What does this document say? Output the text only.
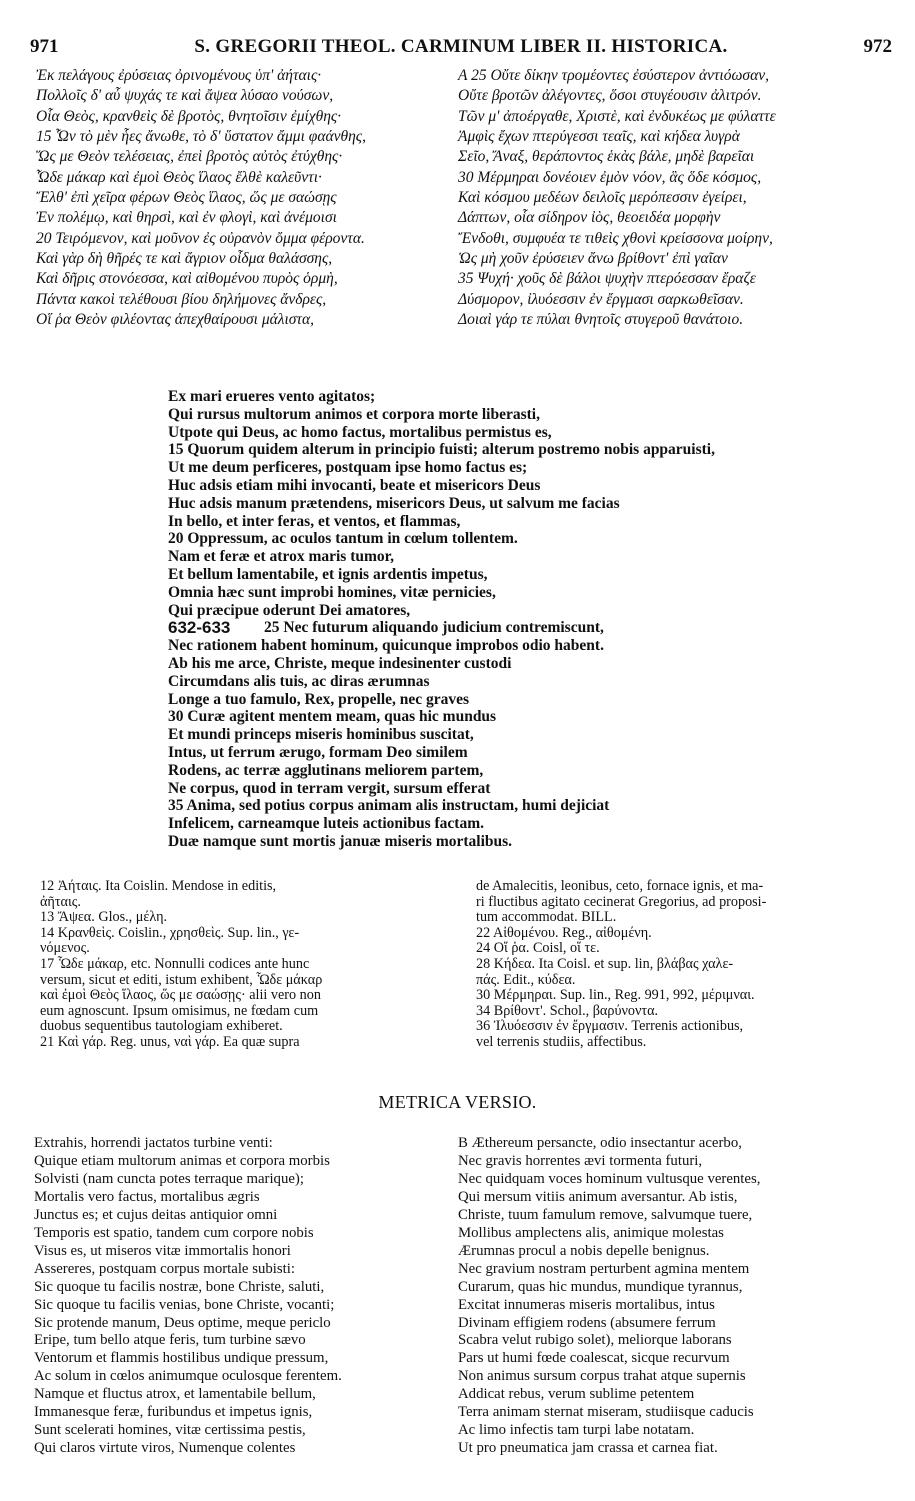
971	S. GREGORII THEOL. CARMINUM LIBER II. HISTORICA.	972
Ἐκ πελάγους ἐρύσειας ὀρινομένους ὑπ' ἀήταις·
Πολλοῖς δ' αὖ ψυχάς τε καὶ ἄψεα λύσαο νούσων,
Οἷα Θεὸς, κρανθεὶς δὲ βροτὸς, θνητοῖσιν ἐμίχθης·
15 Ὧν τὸ μὲν ἧες ἄνωθε, τὸ δ' ὕστατον ἄμμι φαάνθης,
Ὥς με Θεὸν τελέσειας, ἐπεὶ βροτὸς αὐτὸς ἐτύχθης·
Ὧδε μάκαρ καὶ ἐμοὶ Θεὸς ἵλαος ἔλθὲ καλεῦντι·
Ἔλθ' ἐπὶ χεῖρα φέρων Θεὸς ἵλαος, ὥς με σαώσῃς
Ἐν πολέμῳ, καὶ θηρσὶ, καὶ ἐν φλογὶ, καὶ ἀνέμοισι
20 Τειρόμενον, καὶ μοῦνον ἐς οὐρανὸν ὄμμα φέροντα.
Καὶ γὰρ δὴ θῆρές τε καὶ ἄγριον οἶδμα θαλάσσης,
Καὶ δῆρις στονόεσσα, καὶ αἰθομένου πυρὸς ὁρμὴ,
Πάντα κακοὶ τελέθουσι βίου δηλήμονες ἄνδρες,
Οἵ ῥα Θεὸν φιλέοντας ἀπεχθαίρουσι μάλιστα,
A 25 Οὔτε δίκην τρομέοντες ἐσύστερον ἀντιόωσαν,
Οὔτε βροτῶν ἀλέγοντες, ὅσοι στυγέουσιν ἀλιτρόν.
Τῶν μ' ἀποέργαθε, Χριστὲ, καὶ ἐνδυκέως με φύλαττε
Ἀμφὶς ἔχων πτερύγεσσι τεαῖς, καὶ κήδεα λυγρὰ
Σεῖο, Ἄναξ, θεράποντος ἑκὰς βάλε, μηδὲ βαρεῖαι
30 Μέρμηραι δονέοιεν ἐμὸν νόον, ἃς ὅδε κόσμος,
Καὶ κόσμου μεδέων δειλοῖς μερόπεσσιν ἐγείρει,
Δάπτων, οἷα σίδηρον ἰὸς, θεοειδέα μορφὴν
Ἔνδοθι, συμφυέα τε τιθεὶς χθονὶ κρείσσονα μοίρην,
Ὡς μὴ χοῦν ἐρύσειεν ἄνω βρίθοντ' ἐπὶ γαῖαν
35 Ψυχή· χοῦς δὲ βάλοι ψυχὴν πτερόεσσαν ἔραζε
Δύσμορον, ἰλυόεσσιν ἐν ἔργμασι σαρκωθεῖσαν.
Δοιαὶ γάρ τε πύλαι θνητοῖς στυγεροῦ θανάτοιο.
Ex mari erueres vento agitatos;
Qui rursus multorum animos et corpora morte liberasti,
Utpote qui Deus, ac homo factus, mortalibus permistus es,
15 Quorum quidem alterum in principio fuisti; alterum postremo nobis apparuisti,
Ut me deum perficeres, postquam ipse homo factus es;
Huc adsis etiam mihi invocanti, beate et misericors Deus
Huc adsis manum prætendens, misericors Deus, ut salvum me facias
In bello, et inter feras, et ventos, et flammas,
20 Oppressum, ac oculos tantum in cœlum tollentem.
Nam et feræ et atrox maris tumor,
Et bellum lamentabile, et ignis ardentis impetus,
Omnia hæc sunt improbi homines, vitæ pernicies,
Qui præcipue oderunt Dei amatores,
25 Nec futurum aliquando judicium contremiscunt,
Nec rationem habent hominum, quicunque improbos odio habent.
Ab his me arce, Christe, meque indesinenter custodi
Circumdans alis tuis, ac diras ærumnas
Longe a tuo famulo, Rex, propelle, nec graves
30 Curæ agitent mentem meam, quas hic mundus
Et mundi princeps miseris hominibus suscitat,
Intus, ut ferrum ærugo, formam Deo similem
Rodens, ac terræ agglutinans meliorem partem,
Ne corpus, quod in terram vergit, sursum efferat
35 Anima, sed potius corpus animam alis instructam, humi dejiciat
Infelicem, carneamque luteis actionibus factam.
Duæ namque sunt mortis januæ miseris mortalibus.
632-633
12 Ἀήταις. Ita Coislin. Mendose in editis,
ἀῆταις.
13 Ἄψεα. Glos., μέλη.
14 Κρανθεὶς. Coislin., χρησθεὶς. Sup. lin., γε-
νόμενος.
17 Ὧδε μάκαρ, etc. Nonnulli codices ante hunc
versum, sicut et editi, istum exhibent, Ὧδε μάκαρ
καὶ ἐμοὶ Θεὸς ἵλαος, ὥς με σαώσῃς· alii vero non
eum agnoscunt. Ipsum omisimus, ne fœdam cum
duobus sequentibus tautologiam exhiberet.
21 Καὶ γάρ. Reg. unus, ναὶ γάρ. Ea quæ supra
de Amalecitis, leonibus, ceto, fornace ignis, et ma-
ri fluctibus agitato cecinerat Gregorius, ad proposi-
tum accommodat. BILL.
22 Αἰθομένου. Reg., αἰθομένη.
24 Οἵ ῥα. Coisl, οἵ τε.
28 Κήδεα. Ita Coisl. et sup. lin, βλάβας χαλε-
πάς. Edit., κύδεα.
30 Μέρμηραι. Sup. lin., Reg. 991, 992, μέριμναι.
34 Βρίθοντ'. Schol., βαρύνοντα.
36 Ἰλυόεσσιν ἐν ἔργμασιν. Terrenis actionibus,
vel terrenis studiis, affectibus.
METRICA VERSIO.
Extrahis, horrendi jactatos turbine venti:
Quique etiam multorum animas et corpora morbis
Solvisti (nam cuncta potes terraque marique);
Mortalis vero factus, mortalibus ægris
Junctus es; et cujus deitas antiquior omni
Temporis est spatio, tandem cum corpore nobis
Visus es, ut miseros vitæ immortalis honori
Assereres, postquam corpus mortale subisti:
Sic quoque tu facilis nostræ, bone Christe, saluti,
Sic quoque tu facilis venias, bone Christe, vocanti;
Sic protende manum, Deus optime, meque periclo
Eripe, tum bello atque feris, tum turbine sævo
Ventorum et flammis hostilibus undique pressum,
Ac solum in cœlos animumque oculosque ferentem.
Namque et fluctus atrox, et lamentabile bellum,
Immanesque feræ, furibundus et impetus ignis,
Sunt scelerati homines, vitæ certissima pestis,
Qui claros virtute viros, Numenque colentes
B Æthereum persancte, odio insectantur acerbo,
Nec gravis horrentes ævi tormenta futuri,
Nec quidquam voces hominum vultusque verentes,
Qui mersum vitiis animum aversantur. Ab istis,
Christe, tuum famulum remove, salvumque tuere,
Mollibus amplectens alis, animique molestas
Ærumnas procul a nobis depelle benignus.
Nec gravium nostram perturbent agmina mentem
Curarum, quas hic mundus, mundique tyrannus,
Excitat innumeras miseris mortalibus, intus
Divinam effigiem rodens (absumere ferrum
Scabra velut rubigo solet), meliorque laborans
Pars ut humi fœde coalescat, sicque recurvum
Non animus sursum corpus trahat atque supernis
Addicat rebus, verum sublime petentem
Terra animam sternat miseram, studiisque caducis
Ac limo infectis tam turpi labe notatam.
Ut pro pneumatica jam crassa et carnea fiat.
